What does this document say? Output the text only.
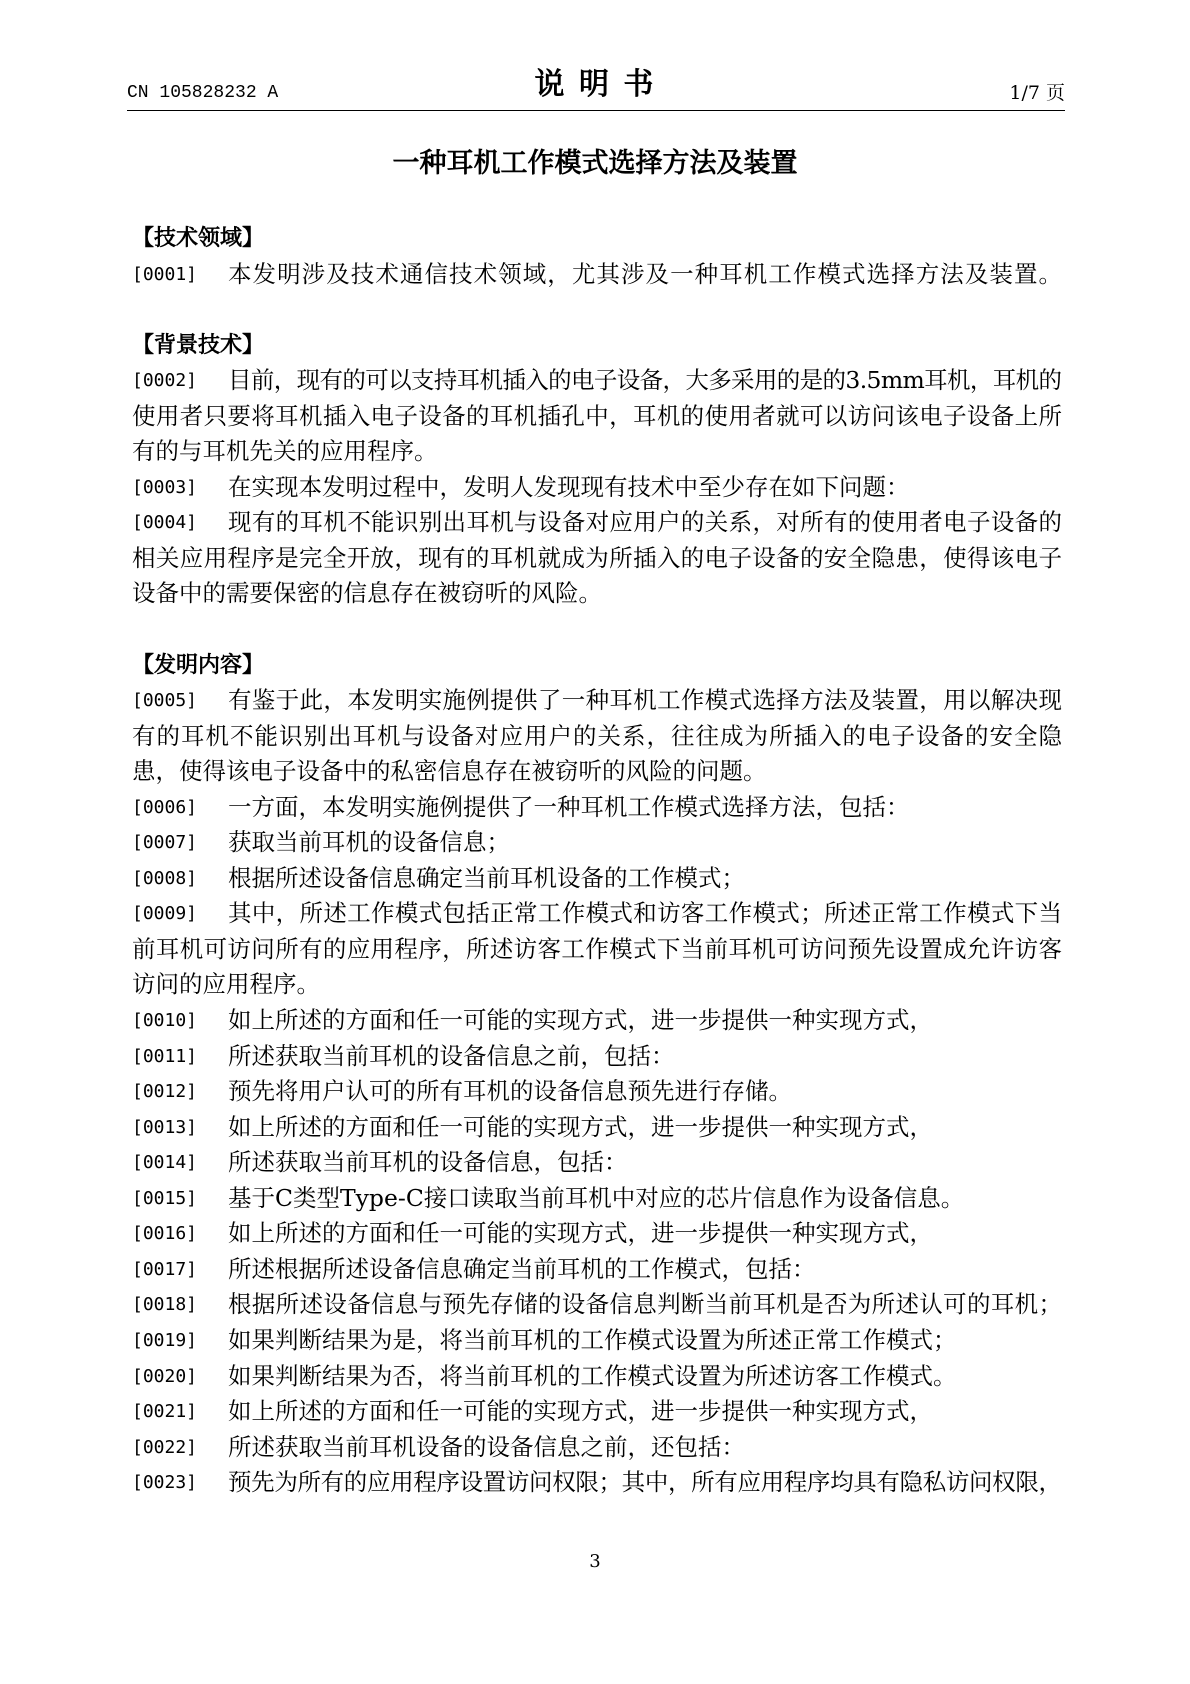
CN 105828232 A	说 明 书	1/7 页
一种耳机工作模式选择方法及装置
【技术领域】
[0001] 本发明涉及技术通信技术领域，尤其涉及一种耳机工作模式选择方法及装置。
【背景技术】
[0002] 目前，现有的可以支持耳机插入的电子设备，大多采用的是的3.5mm耳机，耳机的
使用者只要将耳机插入电子设备的耳机插孔中，耳机的使用者就可以访问该电子设备上所
有的与耳机先关的应用程序。
[0003] 在实现本发明过程中，发明人发现现有技术中至少存在如下问题：
[0004] 现有的耳机不能识别出耳机与设备对应用户的关系，对所有的使用者电子设备的
相关应用程序是完全开放，现有的耳机就成为所插入的电子设备的安全隐患，使得该电子
设备中的需要保密的信息存在被窃听的风险。
【发明内容】
[0005] 有鉴于此，本发明实施例提供了一种耳机工作模式选择方法及装置，用以解决现
有的耳机不能识别出耳机与设备对应用户的关系，往往成为所插入的电子设备的安全隐
患，使得该电子设备中的私密信息存在被窃听的风险的问题。
[0006] 一方面，本发明实施例提供了一种耳机工作模式选择方法，包括：
[0007] 获取当前耳机的设备信息；
[0008] 根据所述设备信息确定当前耳机设备的工作模式；
[0009] 其中，所述工作模式包括正常工作模式和访客工作模式；所述正常工作模式下当
前耳机可访问所有的应用程序，所述访客工作模式下当前耳机可访问预先设置成允许访客
访问的应用程序。
[0010] 如上所述的方面和任一可能的实现方式，进一步提供一种实现方式，
[0011] 所述获取当前耳机的设备信息之前，包括：
[0012] 预先将用户认可的所有耳机的设备信息预先进行存储。
[0013] 如上所述的方面和任一可能的实现方式，进一步提供一种实现方式，
[0014] 所述获取当前耳机的设备信息，包括：
[0015] 基于C类型Type-C接口读取当前耳机中对应的芯片信息作为设备信息。
[0016] 如上所述的方面和任一可能的实现方式，进一步提供一种实现方式，
[0017] 所述根据所述设备信息确定当前耳机的工作模式，包括：
[0018] 根据所述设备信息与预先存储的设备信息判断当前耳机是否为所述认可的耳机；
[0019] 如果判断结果为是，将当前耳机的工作模式设置为所述正常工作模式；
[0020] 如果判断结果为否，将当前耳机的工作模式设置为所述访客工作模式。
[0021] 如上所述的方面和任一可能的实现方式，进一步提供一种实现方式，
[0022] 所述获取当前耳机设备的设备信息之前，还包括：
[0023] 预先为所有的应用程序设置访问权限；其中，所有应用程序均具有隐私访问权限，
3
